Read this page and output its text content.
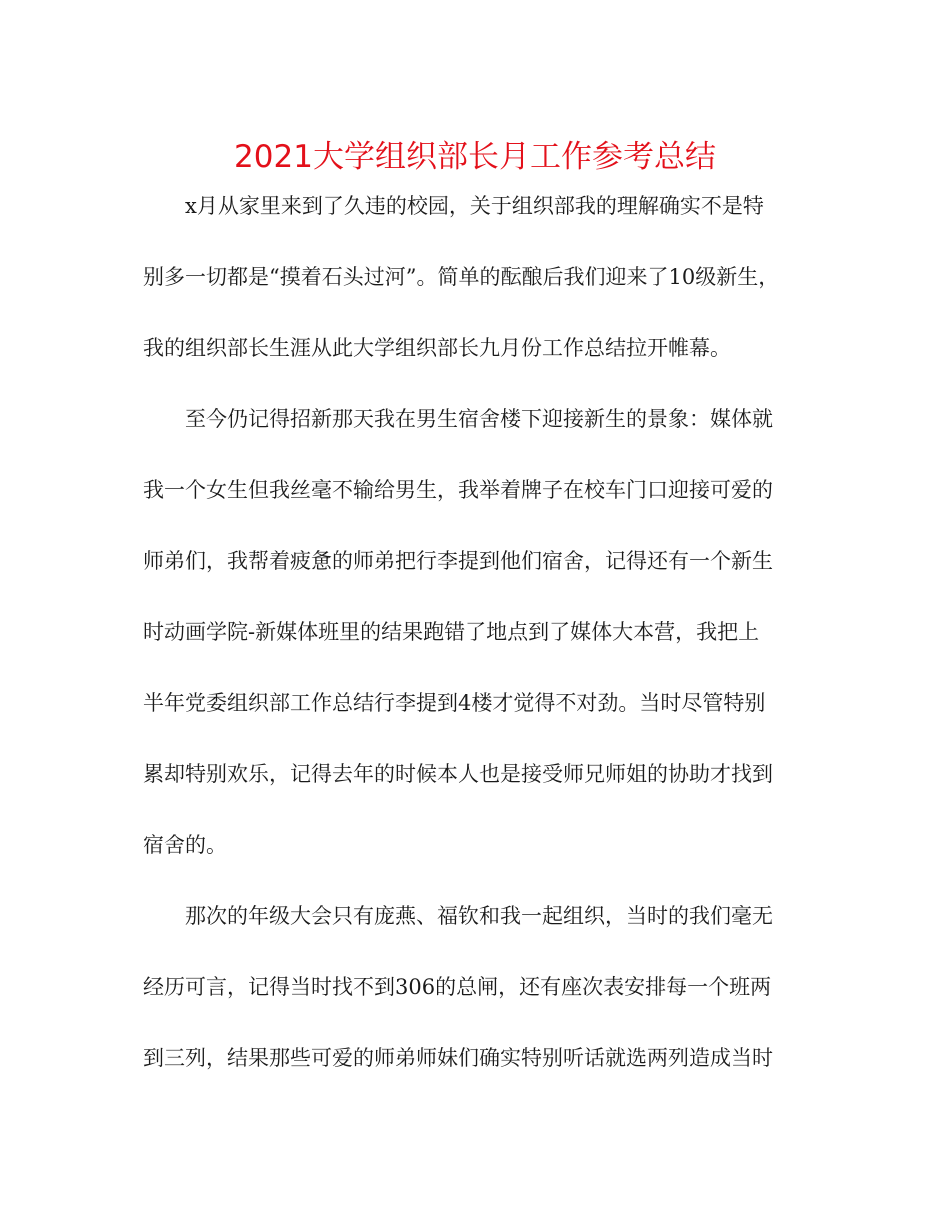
2021大学组织部长月工作参考总结

x月从家里来到了久违的校园，关于组织部我的理解确实不是特

别多一切都是“摸着石头过河”。简单的酝酿后我们迎来了10级新生，

我的组织部长生涯从此大学组织部长九月份工作总结拉开帷幕。

至今仍记得招新那天我在男生宿舍楼下迎接新生的景象：媒体就

我一个女生但我丝毫不输给男生，我举着牌子在校车门口迎接可爱的

师弟们，我帮着疲惫的师弟把行李提到他们宿舍，记得还有一个新生

时动画学院-新媒体班里的结果跑错了地点到了媒体大本营，我把上

半年党委组织部工作总结行李提到4楼才觉得不对劲。当时尽管特别

累却特别欢乐，记得去年的时候本人也是接受师兄师姐的协助才找到

宿舍的。

那次的年级大会只有庞燕、福钦和我一起组织，当时的我们毫无

经历可言，记得当时找不到306的总闸，还有座次表安排每一个班两

到三列，结果那些可爱的师弟师妹们确实特别听话就选两列造成当时
